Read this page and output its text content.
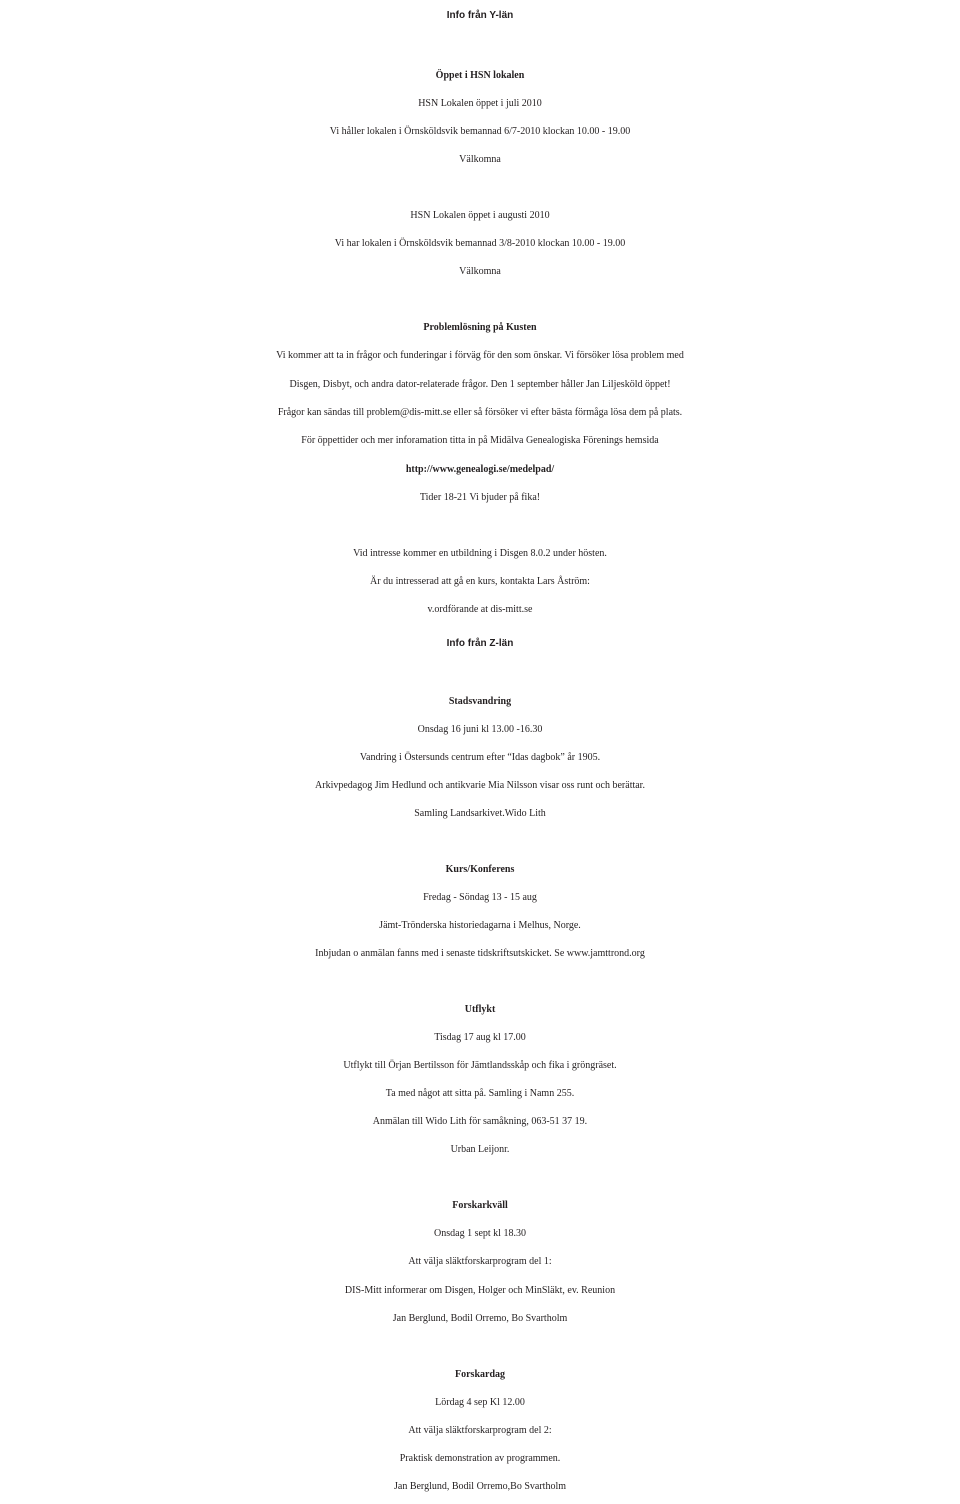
Info från Y-län
Öppet i HSN lokalen
HSN Lokalen öppet i juli 2010
Vi håller lokalen i Örnsköldsvik bemannad 6/7-2010 klockan 10.00 - 19.00
Välkomna
HSN Lokalen öppet i augusti 2010
Vi har lokalen i Örnsköldsvik bemannad 3/8-2010 klockan 10.00 - 19.00
Välkomna
Problemlösning på Kusten
Vi kommer att ta in frågor och funderingar i förväg för den som önskar. Vi försöker lösa problem med
Disgen, Disbyt, och andra dator-relaterade frågor. Den 1 september håller Jan Liljesköld öppet!
Frågor kan sändas till problem@dis-mitt.se eller så försöker vi efter bästa förmåga lösa dem på plats.
För öppettider och mer inforamation titta in på Midälva Genealogiska Förenings hemsida
http://www.genealogi.se/medelpad/
Tider 18-21 Vi bjuder på fika!
Vid intresse kommer en utbildning i Disgen 8.0.2 under hösten.
Är du intresserad att gå en kurs, kontakta Lars Åström:
v.ordförande at dis-mitt.se
Info från Z-län
Stadsvandring
Onsdag 16 juni kl 13.00 -16.30
Vandring i Östersunds centrum efter “Idas dagbok” år 1905.
Arkivpedagog Jim Hedlund och antikvarie Mia Nilsson visar oss runt och berättar.
Samling Landsarkivet.Wido Lith
Kurs/Konferens
Fredag - Söndag 13 - 15 aug
Jämt-Trönderska historiedagarna i Melhus, Norge.
Inbjudan o anmälan fanns med i senaste tidskriftsutskicket. Se www.jamttrond.org
Utflykt
Tisdag 17 aug kl 17.00
Utflykt till Örjan Bertilsson för Jämtlandsskåp och fika i gröngräset.
Ta med något att sitta på. Samling i Namn 255.
Anmälan till Wido Lith för samåkning, 063-51 37 19.
Urban Leijonr.
Forskarkväll
Onsdag 1 sept kl 18.30
Att välja släktforskarprogram del 1:
DIS-Mitt informerar om Disgen, Holger och MinSläkt, ev. Reunion
Jan Berglund, Bodil Orremo, Bo Svartholm
Forskardag
Lördag 4 sep Kl 12.00
Att välja släktforskarprogram del 2:
Praktisk demonstration av programmen.
Jan Berglund, Bodil Orremo,Bo Svartholm
